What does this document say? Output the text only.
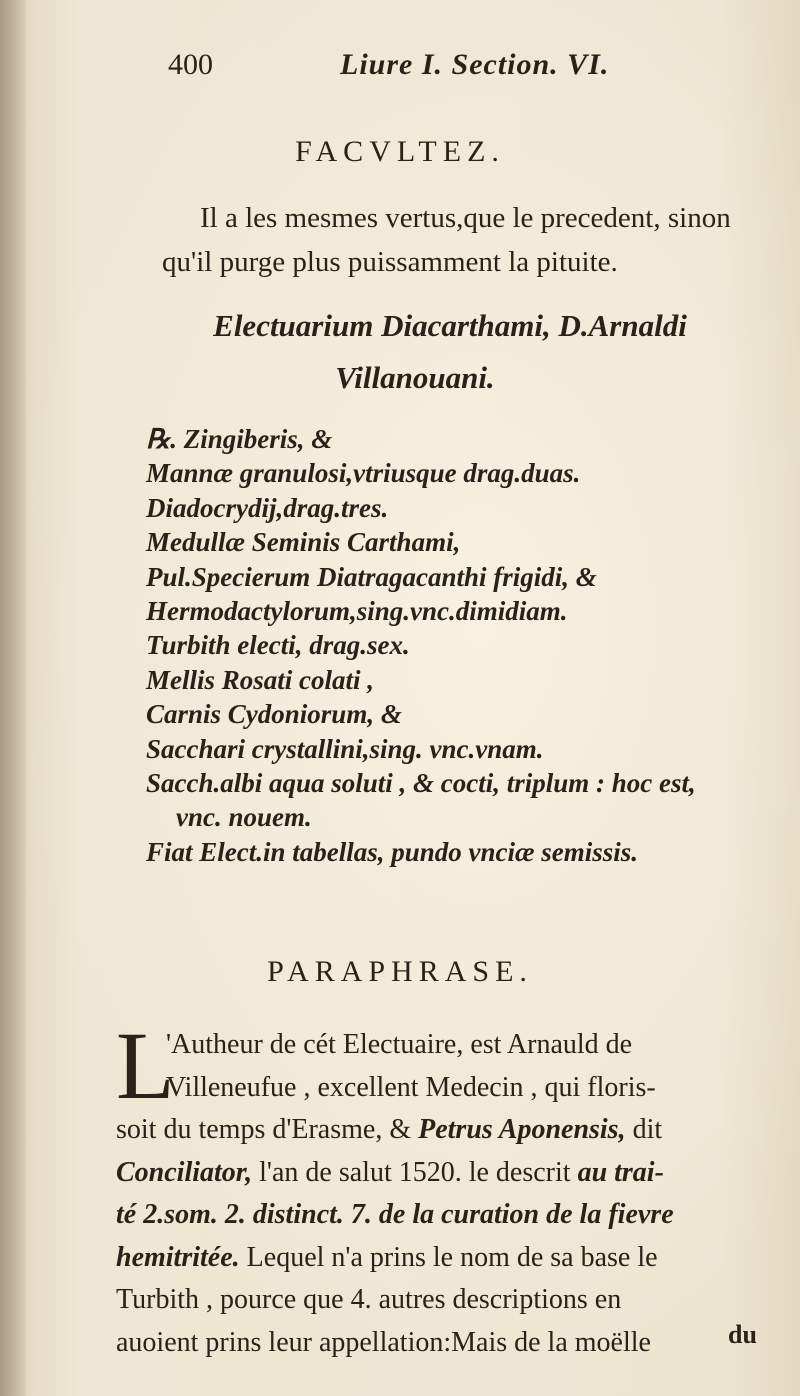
400	Liure I. Section. VI.
FACVLTEZ.
Il a les mesmes vertus,que le precedent, sinon
qu'il purge plus puissamment la pituite.
Electuarium Diacarthami, D.Arnaldi
Villanouani.
℞. Zingiberis, &
Mannæ granulosi,vtriusque drag.duas.
Diadocrydij,drag.tres.
Medullæ Seminis Carthami,
Pul.Specierum Diatragacanthi frigidi, &
Hermodactylorum,sing.vnc.dimidiam.
Turbith electi, drag.sex.
Mellis Rosati colati ,
Carnis Cydoniorum, &
Sacchari crystallini,sing. vnc.vnam.
Sacch.albi aqua soluti , & cocti, triplum : hoc est,
vnc. nouem.
Fiat Elect.in tabellas, pundo vnciæ semissis.
PARAPHRASE.
L
'Autheur de cét Electuaire, est Arnauld de
Villeneufue , excellent Medecin , qui floris-
soit du temps d'Erasme, & Petrus Aponensis, dit
Conciliator, l'an de salut 1520. le descrit au trai-
té 2.som. 2. distinct. 7. de la curation de la fievre
hemitritée. Lequel n'a prins le nom de sa base le
Turbith , pource que 4. autres descriptions en
auoient prins leur appellation:Mais de la moëlle	du
